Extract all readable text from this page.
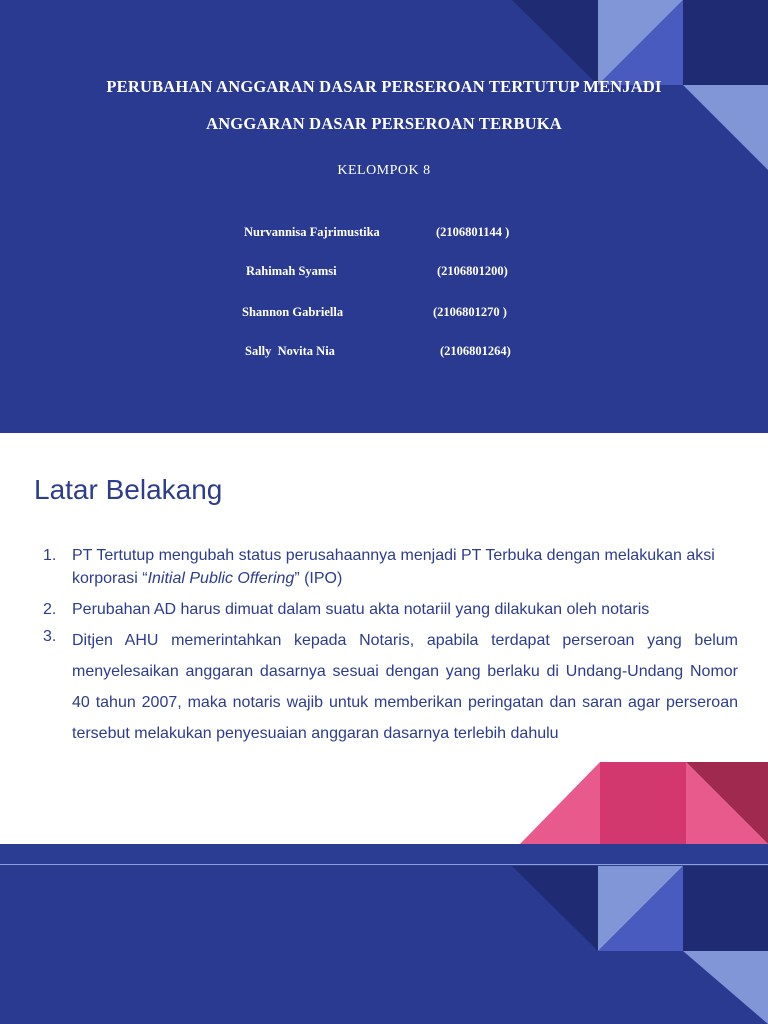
PERUBAHAN ANGGARAN DASAR PERSEROAN TERTUTUP MENJADI
ANGGARAN DASAR PERSEROAN TERBUKA
KELOMPOK 8
Nurvannisa Fajrimustika	(2106801144 )
Rahimah Syamsi	(2106801200)
Shannon Gabriella	(2106801270 )
Sally  Novita Nia	(2106801264)
Latar Belakang
1. PT Tertutup mengubah status perusahaannya menjadi PT Terbuka dengan melakukan aksi korporasi “Initial Public Offering” (IPO)
2. Perubahan AD harus dimuat dalam suatu akta notariil yang dilakukan oleh notaris
3. Ditjen AHU memerintahkan kepada Notaris, apabila terdapat perseroan yang belum menyelesaikan anggaran dasarnya sesuai dengan yang berlaku di Undang-Undang Nomor 40 tahun 2007, maka notaris wajib untuk memberikan peringatan dan saran agar perseroan tersebut melakukan penyesuaian anggaran dasarnya terlebih dahulu
